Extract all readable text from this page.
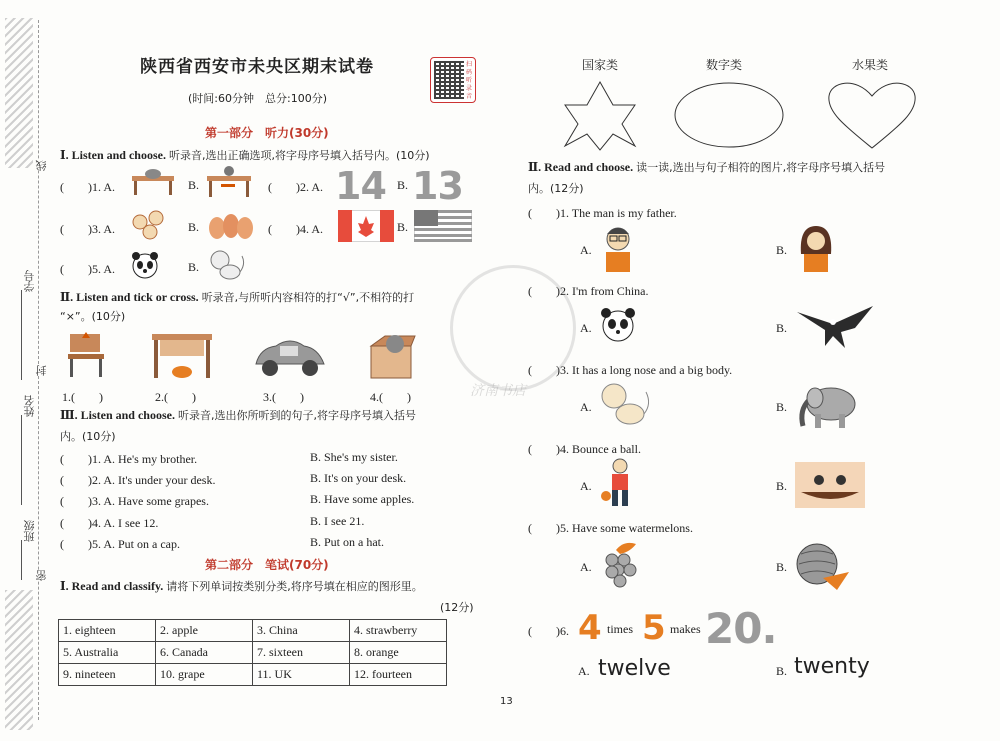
班级
姓名
学号
密
封
线
陕西省西安市未央区期末试卷
(时间:60分钟　总分:100分)
扫码听录音
第一部分　听力(30分)
Ⅰ. Listen and choose. 听录音,选出正确选项,将字母序号填入括号内。(10分)
(　　)1. A.	B.	(　　)2. A. 14 B. 13
(　　)3. A.	B.	(　　)4. A.	B.
(　　)5. A.	B.
Ⅱ. Listen and tick or cross. 听录音,与所听内容相符的打“√”,不相符的打
“×”。(10分)
1.(　　)	2.(　　)	3.(　　)	4.(　　)
Ⅲ. Listen and choose. 听录音,选出你所听到的句子,将字母序号填入括号
内。(10分)
(　　)1. A. He's my brother.	B. She's my sister.
(　　)2. A. It's under your desk.	B. It's on your desk.
(　　)3. A. Have some grapes.	B. Have some apples.
(　　)4. A. I see 12.	B. I see 21.
(　　)5. A. Put on a cap.	B. Put on a hat.
第二部分　笔试(70分)
Ⅰ. Read and classify. 请将下列单词按类别分类,将序号填在相应的图形里。
(12分)
1. eighteen	2. apple	3. China	4. strawberry
5. Australia	6. Canada	7. sixteen	8. orange
9. nineteen	10. grape	11. UK	12. fourteen
国家类	数字类	水果类
Ⅱ. Read and choose. 读一读,选出与句子相符的图片,将字母序号填入括号
内。(12分)
(　　)1. The man is my father.
A.	B.
(　　)2. I'm from China.
A.	B.
(　　)3. It has a long nose and a big body.
A.	B.
(　　)4. Bounce a ball.
A.	B.
(　　)5. Have some watermelons.
A.	B.
(　　)6. 4 times 5 makes 20.
A. twelve	B. twenty
济南书店
13
